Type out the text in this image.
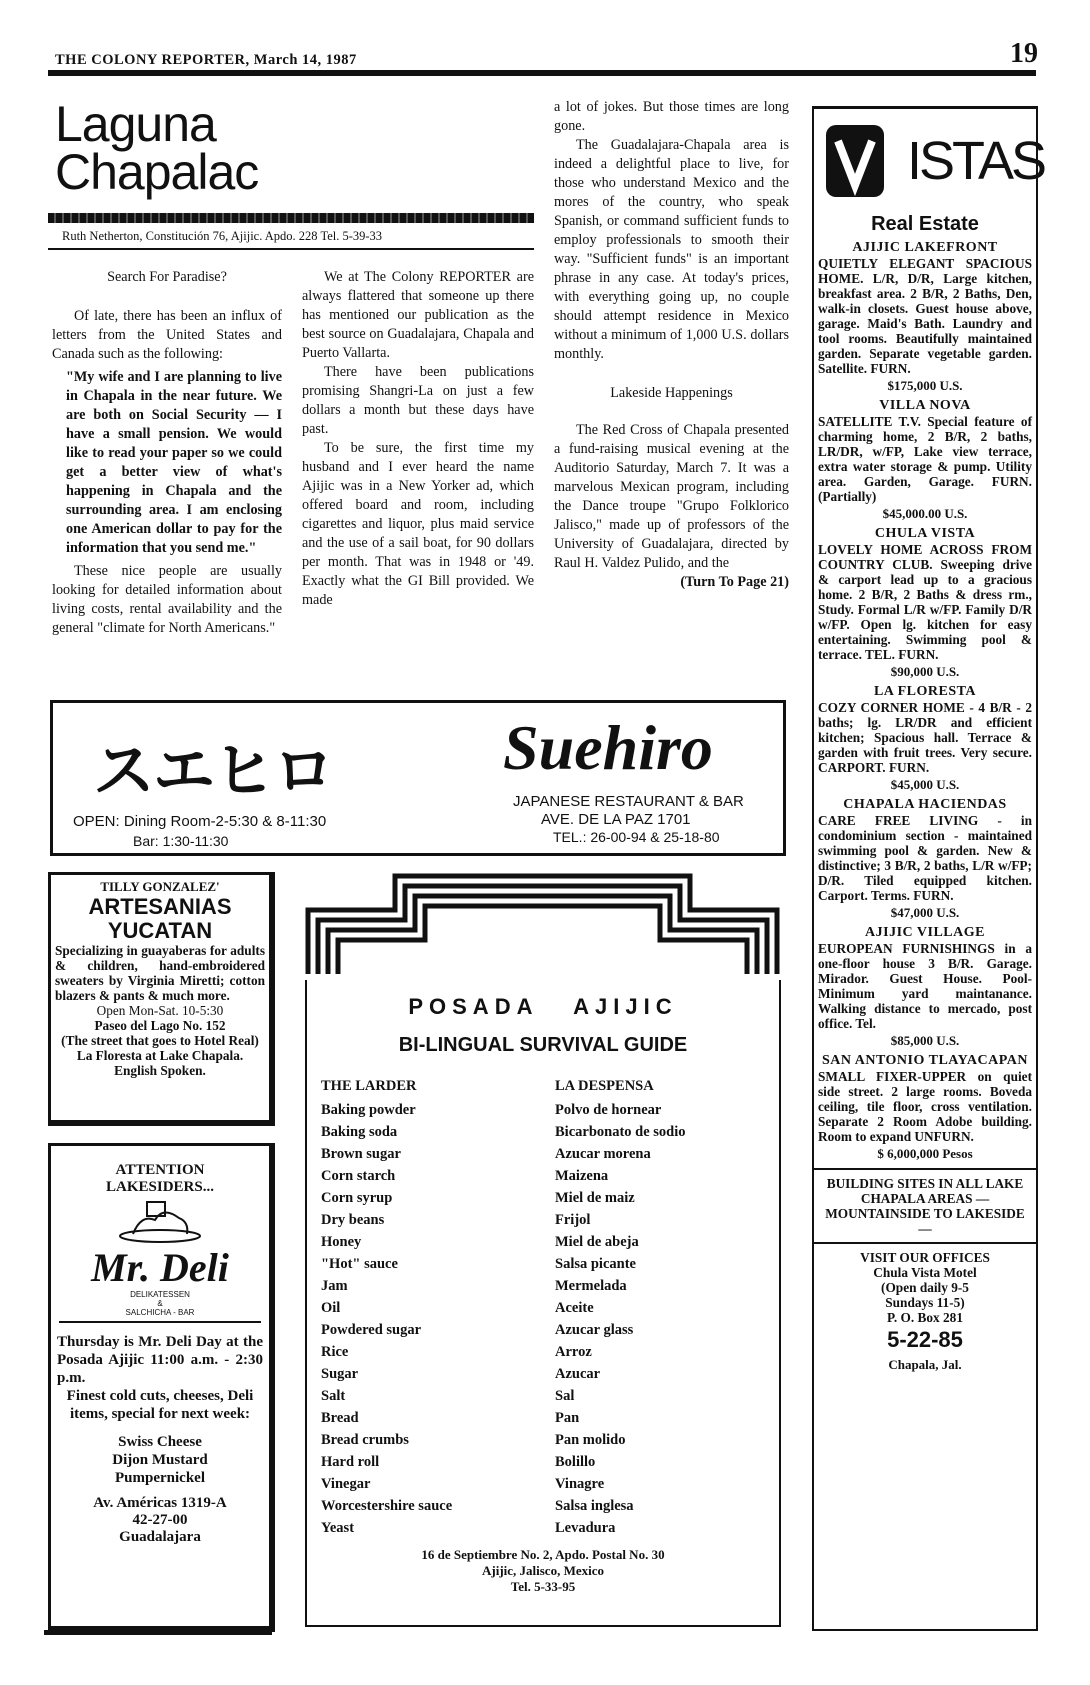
THE COLONY REPORTER, March 14, 1987	19
Laguna
Chapalac
Ruth Netherton, Constitución 76, Ajijic. Apdo. 228 Tel. 5-39-33

Search For Paradise?

Of late, there has been an influx of letters from the United States and Canada such as the following:

"My wife and I are planning to live in Chapala in the near future. We are both on Social Security — I have a small pension. We would like to read your paper so we could get a better view of what's happening in Chapala and the surrounding area. I am enclosing one American dollar to pay for the information that you send me."

These nice people are usually looking for detailed information about living costs, rental availability and the general "climate for North Americans."

We at The Colony REPORTER are always flattered that someone up there has mentioned our publication as the best source on Guadalajara, Chapala and Puerto Vallarta.

There have been publications promising Shangri-La on just a few dollars a month but these days have past.

To be sure, the first time my husband and I ever heard the name Ajijic was in a New Yorker ad, which offered board and room, including cigarettes and liquor, plus maid service and the use of a sail boat, for 90 dollars per month. That was in 1948 or '49. Exactly what the GI Bill provided. We made

a lot of jokes. But those times are long gone.

The Guadalajara-Chapala area is indeed a delightful place to live, for those who understand Mexico and the mores of the country, who speak Spanish, or command sufficient funds to employ professionals to smooth their way. "Sufficient funds" is an important phrase in any case. At today's prices, with everything going up, no couple should attempt residence in Mexico without a minimum of 1,000 U.S. dollars monthly.

Lakeside Happenings

The Red Cross of Chapala presented a fund-raising musical evening at the Auditorio Saturday, March 7. It was a marvelous Mexican program, including the Dance troupe "Grupo Folklorico Jalisco," made up of professors of the University of Guadalajara, directed by Raul H. Valdez Pulido, and the

(Turn To Page 21)

スエヒロ	Suehiro
JAPANESE RESTAURANT & BAR
AVE. DE LA PAZ 1701
TEL.: 26-00-94 & 25-18-80
OPEN: Dining Room-2-5:30 & 8-11:30
Bar: 1:30-11:30
TILLY GONZALEZ'
ARTESANIAS
YUCATAN
Specializing in guayaberas for adults & children, hand-embroidered sweaters by Virginia Miretti; cotton blazers & pants & much more.
Open Mon-Sat. 10-5:30
Paseo del Lago No. 152
(The street that goes to Hotel Real)
La Floresta at Lake Chapala. English Spoken.
ATTENTION
LAKESIDERS...
Mr. Deli
DELIKATESSEN
&
SALCHICHA - BAR
Thursday is Mr. Deli Day at the Posada Ajijic 11:00 a.m. - 2:30 p.m.
Finest cold cuts, cheeses, Deli items, special for next week:
Swiss Cheese
Dijon Mustard
Pumpernickel
Av. Américas 1319-A
42-27-00
Guadalajara
POSADA   AJIJIC
BI-LINGUAL SURVIVAL GUIDE
THE LARDER	LA DESPENSA
Baking powder	Polvo de hornear
Baking soda	Bicarbonato de sodio
Brown sugar	Azucar morena
Corn starch	Maizena
Corn syrup	Miel de maiz
Dry beans	Frijol
Honey	Miel de abeja
"Hot" sauce	Salsa picante
Jam	Mermelada
Oil	Aceite
Powdered sugar	Azucar glass
Rice	Arroz
Sugar	Azucar
Salt	Sal
Bread	Pan
Bread crumbs	Pan molido
Hard roll	Bolillo
Vinegar	Vinagre
Worcestershire sauce	Salsa inglesa
Yeast	Levadura
16 de Septiembre No. 2, Apdo. Postal No. 30
Ajijic, Jalisco, Mexico
Tel. 5-33-95
ISTAS
Real Estate
AJIJIC LAKEFRONT
QUIETLY ELEGANT SPACIOUS HOME. L/R, D/R, Large kitchen, breakfast area. 2 B/R, 2 Baths, Den, walk-in closets. Guest house above, garage. Maid's Bath. Laundry and tool rooms. Beautifully maintained garden. Separate vegetable garden. Satellite. FURN.
$175,000 U.S.
VILLA NOVA
SATELLITE T.V. Special feature of charming home, 2 B/R, 2 baths, LR/DR, w/FP, Lake view terrace, extra water storage & pump. Utility area. Garden, Garage. FURN. (Partially)
$45,000.00 U.S.
CHULA VISTA
LOVELY HOME ACROSS FROM COUNTRY CLUB. Sweeping drive & carport lead up to a gracious home. 2 B/R, 2 Baths & dress rm., Study. Formal L/R w/FP. Family D/R w/FP. Open lg. kitchen for easy entertaining. Swimming pool & terrace. TEL. FURN.
$90,000 U.S.
LA FLORESTA
COZY CORNER HOME - 4 B/R - 2 baths; lg. LR/DR and efficient kitchen; Spacious hall. Terrace & garden with fruit trees. Very secure. CARPORT. FURN.
$45,000 U.S.
CHAPALA HACIENDAS
CARE FREE LIVING - in condominium section - maintained swimming pool & garden. New & distinctive; 3 B/R, 2 baths, L/R w/FP; D/R. Tiled equipped kitchen. Carport. Terms. FURN.
$47,000 U.S.
AJIJIC VILLAGE
EUROPEAN FURNISHINGS in a one-floor house 3 B/R. Garage. Mirador. Guest House. Pool-Minimum yard maintanance. Walking distance to mercado, post office. Tel.
$85,000 U.S.
SAN ANTONIO TLAYACAPAN
SMALL FIXER-UPPER on quiet side street. 2 large rooms. Boveda ceiling, tile floor, cross ventilation. Separate 2 Room Adobe building. Room to expand UNFURN.
$ 6,000,000 Pesos
BUILDING SITES IN ALL LAKE CHAPALA AREAS — MOUNTAINSIDE TO LAKESIDE —
VISIT OUR OFFICES
Chula Vista Motel
(Open daily 9-5
Sundays 11-5)
P. O. Box 281
5-22-85
Chapala, Jal.
